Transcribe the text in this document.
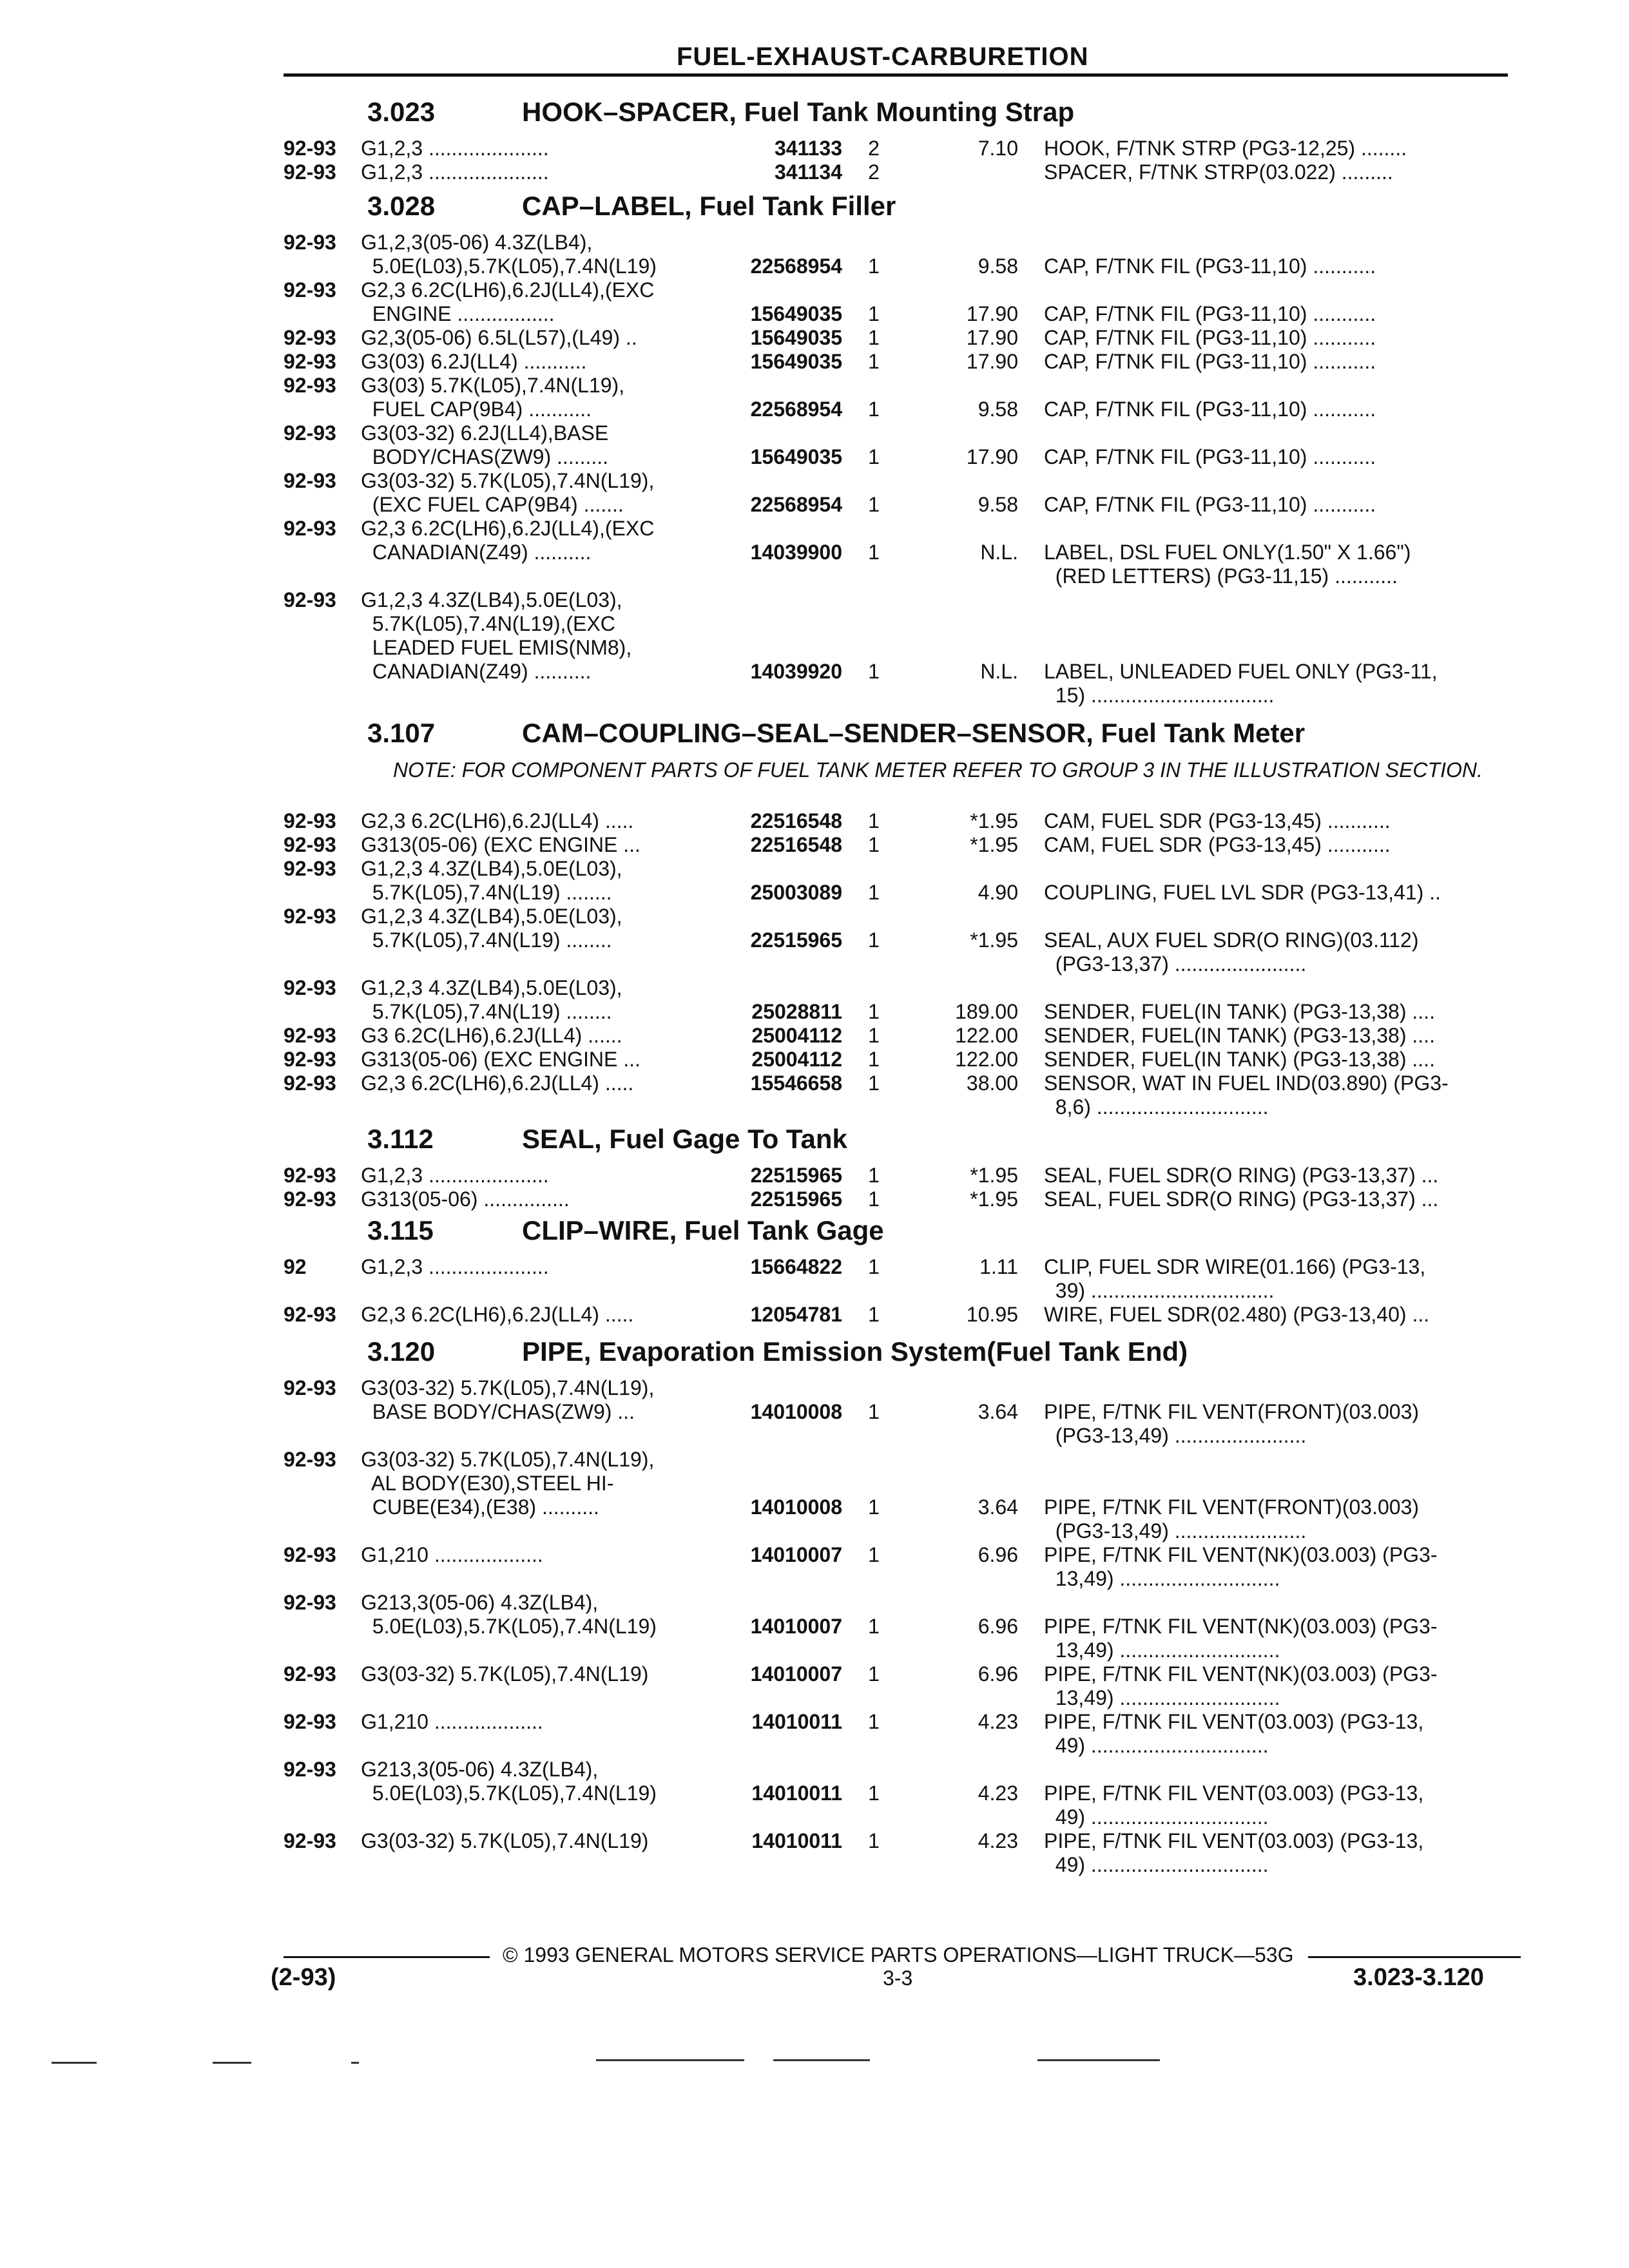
FUEL-EXHAUST-CARBURETION
3.023	HOOK–SPACER, Fuel Tank Mounting Strap
92-93 G1,2,3 .....................	341133	2	7.10 HOOK, F/TNK STRP (PG3-12,25) ........
92-93 G1,2,3 .....................	341134	2	SPACER, F/TNK STRP(03.022) .........
3.028	CAP–LABEL, Fuel Tank Filler
92-93 G1,2,3(05-06) 4.3Z(LB4),
5.0E(L03),5.7K(L05),7.4N(L19)	22568954	1	9.58 CAP, F/TNK FIL (PG3-11,10) ...........
92-93 G2,3 6.2C(LH6),6.2J(LL4),(EXC
ENGINE .................	15649035	1	17.90 CAP, F/TNK FIL (PG3-11,10) ...........
92-93 G2,3(05-06) 6.5L(L57),(L49) ..	15649035	1	17.90 CAP, F/TNK FIL (PG3-11,10) ...........
92-93 G3(03) 6.2J(LL4) ...........	15649035	1	17.90 CAP, F/TNK FIL (PG3-11,10) ...........
92-93 G3(03) 5.7K(L05),7.4N(L19),
FUEL CAP(9B4) ...........	22568954	1	9.58 CAP, F/TNK FIL (PG3-11,10) ...........
92-93 G3(03-32) 6.2J(LL4),BASE
BODY/CHAS(ZW9) .........	15649035	1	17.90 CAP, F/TNK FIL (PG3-11,10) ...........
92-93 G3(03-32) 5.7K(L05),7.4N(L19),
(EXC FUEL CAP(9B4) .......	22568954	1	9.58 CAP, F/TNK FIL (PG3-11,10) ...........
92-93 G2,3 6.2C(LH6),6.2J(LL4),(EXC
CANADIAN(Z49) ..........	14039900	1	N.L. LABEL, DSL FUEL ONLY(1.50" X 1.66")
(RED LETTERS) (PG3-11,15) ...........
92-93 G1,2,3 4.3Z(LB4),5.0E(L03),
5.7K(L05),7.4N(L19),(EXC
LEADED FUEL EMIS(NM8),
CANADIAN(Z49) ..........	14039920	1	N.L. LABEL, UNLEADED FUEL ONLY (PG3-11,
15) ................................
3.107	CAM–COUPLING–SEAL–SENDER–SENSOR, Fuel Tank Meter
NOTE: FOR COMPONENT PARTS OF FUEL TANK METER REFER TO GROUP 3 IN THE ILLUSTRATION SECTION.
92-93 G2,3 6.2C(LH6),6.2J(LL4) .....	22516548	1	*1.95 CAM, FUEL SDR (PG3-13,45) ...........
92-93 G313(05-06) (EXC ENGINE ...	22516548	1	*1.95 CAM, FUEL SDR (PG3-13,45) ...........
92-93 G1,2,3 4.3Z(LB4),5.0E(L03),
5.7K(L05),7.4N(L19) ........	25003089	1	4.90 COUPLING, FUEL LVL SDR (PG3-13,41) ..
92-93 G1,2,3 4.3Z(LB4),5.0E(L03),
5.7K(L05),7.4N(L19) ........	22515965	1	*1.95 SEAL, AUX FUEL SDR(O RING)(03.112)
(PG3-13,37) .......................
92-93 G1,2,3 4.3Z(LB4),5.0E(L03),
5.7K(L05),7.4N(L19) ........	25028811	1	189.00 SENDER, FUEL(IN TANK) (PG3-13,38) ....
92-93 G3 6.2C(LH6),6.2J(LL4) ......	25004112	1	122.00 SENDER, FUEL(IN TANK) (PG3-13,38) ....
92-93 G313(05-06) (EXC ENGINE ...	25004112	1	122.00 SENDER, FUEL(IN TANK) (PG3-13,38) ....
92-93 G2,3 6.2C(LH6),6.2J(LL4) .....	15546658	1	38.00 SENSOR, WAT IN FUEL IND(03.890) (PG3-
8,6) ..............................
3.112	SEAL, Fuel Gage To Tank
92-93 G1,2,3 .....................	22515965	1	*1.95 SEAL, FUEL SDR(O RING) (PG3-13,37) ...
92-93 G313(05-06) ...............	22515965	1	*1.95 SEAL, FUEL SDR(O RING) (PG3-13,37) ...
3.115	CLIP–WIRE, Fuel Tank Gage
92	G1,2,3 .....................	15664822	1	1.11 CLIP, FUEL SDR WIRE(01.166) (PG3-13,
39) ................................
92-93 G2,3 6.2C(LH6),6.2J(LL4) .....	12054781	1	10.95 WIRE, FUEL SDR(02.480) (PG3-13,40) ...
3.120	PIPE, Evaporation Emission System(Fuel Tank End)
92-93 G3(03-32) 5.7K(L05),7.4N(L19),
BASE BODY/CHAS(ZW9) ...	14010008	1	3.64 PIPE, F/TNK FIL VENT(FRONT)(03.003)
(PG3-13,49) .......................
92-93 G3(03-32) 5.7K(L05),7.4N(L19),
AL BODY(E30),STEEL HI-
CUBE(E34),(E38) ..........	14010008	1	3.64 PIPE, F/TNK FIL VENT(FRONT)(03.003)
(PG3-13,49) .......................
92-93 G1,210 ...................	14010007	1	6.96 PIPE, F/TNK FIL VENT(NK)(03.003) (PG3-
13,49) ............................
92-93 G213,3(05-06) 4.3Z(LB4),
5.0E(L03),5.7K(L05),7.4N(L19)	14010007	1	6.96 PIPE, F/TNK FIL VENT(NK)(03.003) (PG3-
13,49) ............................
92-93 G3(03-32) 5.7K(L05),7.4N(L19)	14010007	1	6.96 PIPE, F/TNK FIL VENT(NK)(03.003) (PG3-
13,49) ............................
92-93 G1,210 ...................	14010011	1	4.23 PIPE, F/TNK FIL VENT(03.003) (PG3-13,
49) ...............................
92-93 G213,3(05-06) 4.3Z(LB4),
5.0E(L03),5.7K(L05),7.4N(L19)	14010011	1	4.23 PIPE, F/TNK FIL VENT(03.003) (PG3-13,
49) ...............................
92-93 G3(03-32) 5.7K(L05),7.4N(L19)	14010011	1	4.23 PIPE, F/TNK FIL VENT(03.003) (PG3-13,
49) ...............................
© 1993 GENERAL MOTORS SERVICE PARTS OPERATIONS—LIGHT TRUCK—53G
(2-93)	3-3	3.023-3.120
